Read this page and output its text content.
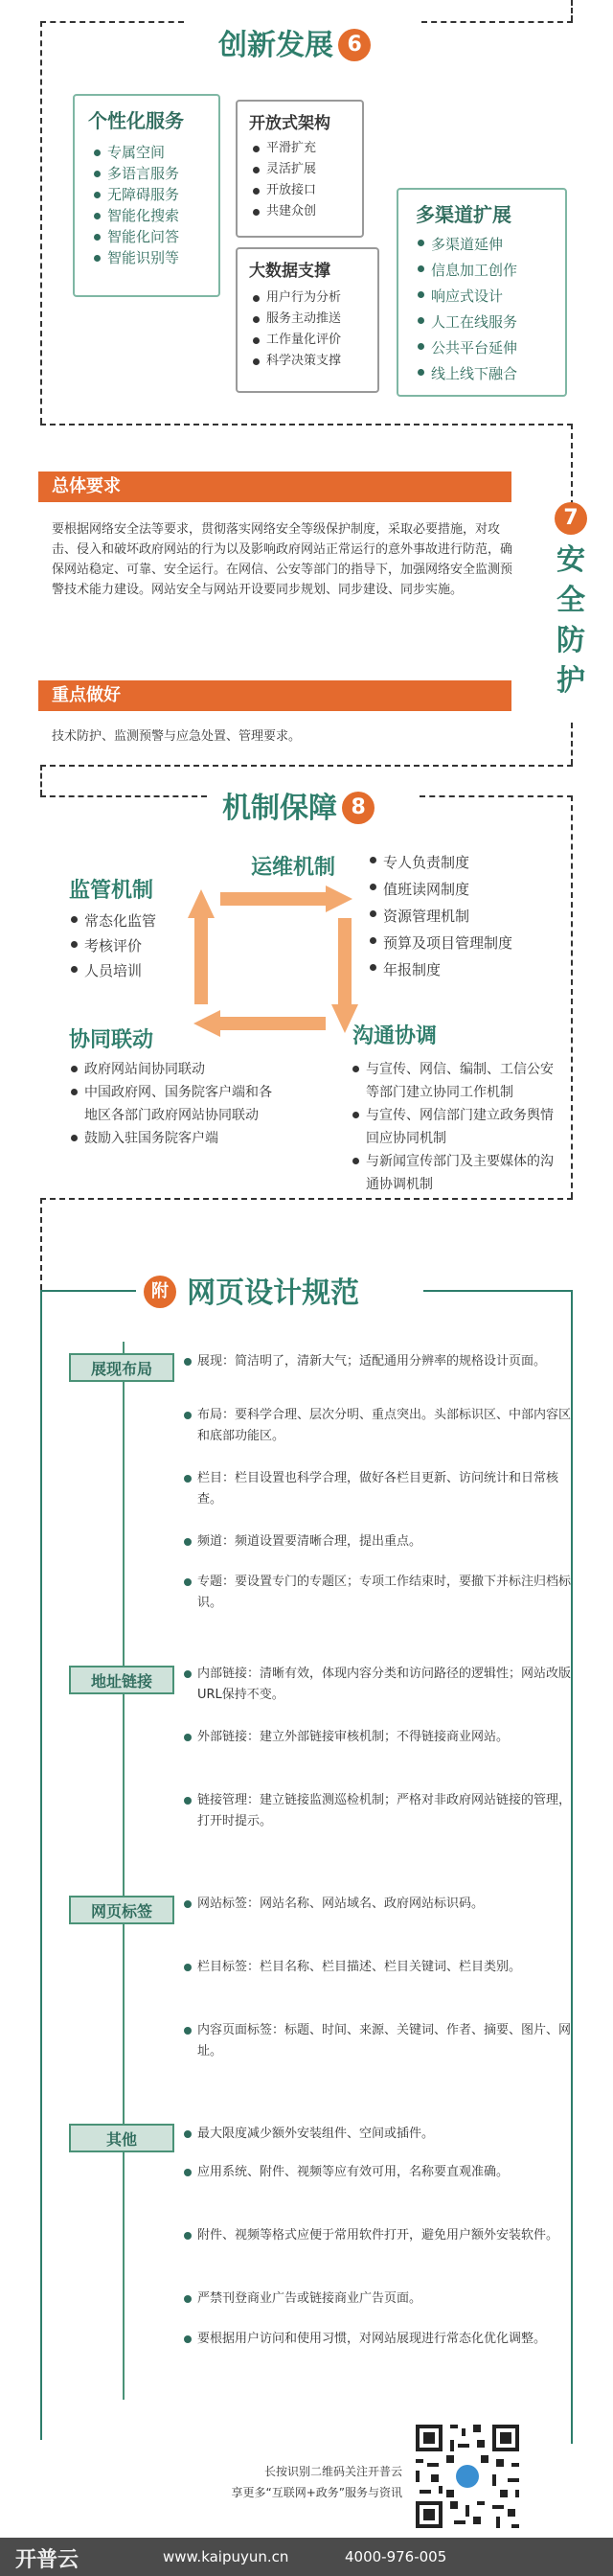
创新发展 6
个性化服务
专属空间
多语言服务
无障碍服务
智能化搜索
智能化问答
智能识别等
开放式架构
平滑扩充
灵活扩展
开放接口
共建众创
大数据支撑
用户行为分析
服务主动推送
工作量化评价
科学决策支撑
多渠道扩展
多渠道延伸
信息加工创作
响应式设计
人工在线服务
公共平台延伸
线上线下融合
总体要求
要根据网络安全法等要求，贯彻落实网络安全等级保护制度，采取必要措施，对攻击、侵入和破坏政府网站的行为以及影响政府网站正常运行的意外事故进行防范，确保网站稳定、可靠、安全运行。在网信、公安等部门的指导下，加强网络安全监测预警技术能力建设。网站安全与网站开设要同步规划、同步建设、同步实施。
重点做好
技术防护、监测预警与应急处置、管理要求。
7
安
全
防
护
机制保障 8
监管机制
常态化监管
考核评价
人员培训
运维机制	专人负责制度
值班读网制度
资源管理机制
预算及项目管理制度
年报制度
协同联动
政府网站间协同联动
中国政府网、国务院客户端和各地区各部门政府网站协同联动
鼓励入驻国务院客户端
沟通协调
与宣传、网信、编制、工信公安等部门建立协同工作机制
与宣传、网信部门建立政务舆情回应协同机制
与新闻宣传部门及主要媒体的沟通协调机制
附 网页设计规范
展现布局	展现：简洁明了，清新大气；适配通用分辨率的规格设计页面。
布局：要科学合理、层次分明、重点突出。头部标识区、中部内容区和底部功能区。
栏目：栏目设置也科学合理，做好各栏目更新、访问统计和日常核查。
频道：频道设置要清晰合理，提出重点。
专题：要设置专门的专题区；专项工作结束时，要撤下并标注归档标识。
地址链接	内部链接：清晰有效，体现内容分类和访问路径的逻辑性；网站改版URL保持不变。
外部链接：建立外部链接审核机制；不得链接商业网站。
链接管理：建立链接监测巡检机制；严格对非政府网站链接的管理，打开时提示。
网页标签	网站标签：网站名称、网站域名、政府网站标识码。
栏目标签：栏目名称、栏目描述、栏目关键词、栏目类别。
内容页面标签：标题、时间、来源、关键词、作者、摘要、图片、网址。
其他	最大限度减少额外安装组件、空间或插件。
应用系统、附件、视频等应有效可用，名称要直观准确。
附件、视频等格式应便于常用软件打开，避免用户额外安装软件。
严禁刊登商业广告或链接商业广告页面。
要根据用户访问和使用习惯，对网站展现进行常态化优化调整。
长按识别二维码关注开普云
享更多“互联网+政务”服务与资讯
开普云	www.kaipuyun.cn	4000-976-005
